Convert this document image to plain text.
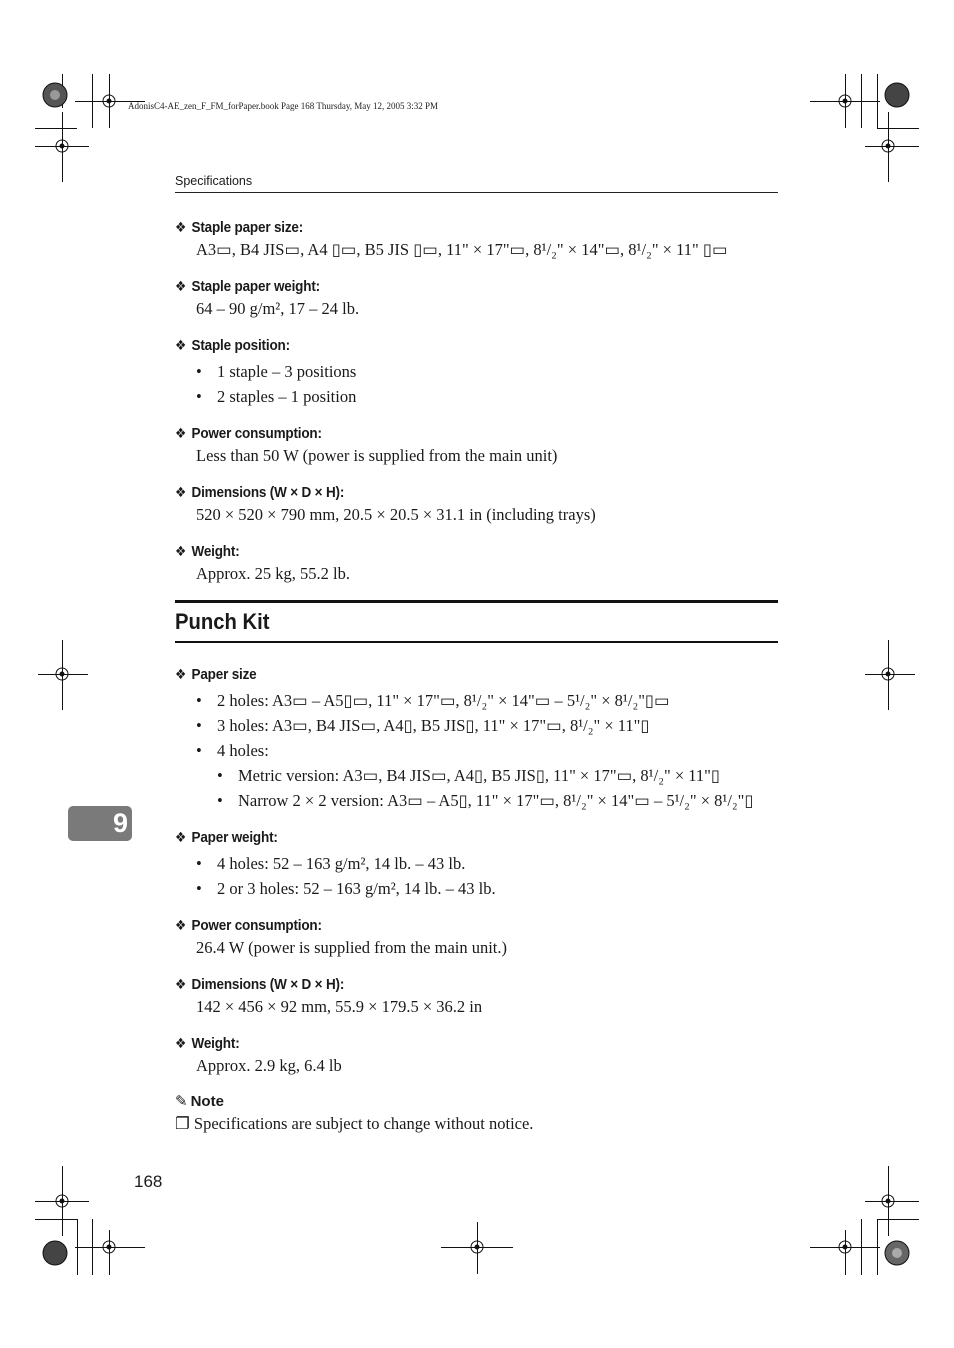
AdonisC4-AE_zen_F_FM_forPaper.book Page 168 Thursday, May 12, 2005 3:32 PM
Specifications
❖ Staple paper size:
A3▭, B4 JIS▭, A4 ▯▭, B5 JIS ▯▭, 11" × 17"▭, 8¹/₂" × 14"▭, 8¹/₂" × 11" ▯▭
❖ Staple paper weight:
64 – 90 g/m², 17 – 24 lb.
❖ Staple position:
• 1 staple – 3 positions
• 2 staples – 1 position
❖ Power consumption:
Less than 50 W (power is supplied from the main unit)
❖ Dimensions (W × D × H):
520 × 520 × 790 mm, 20.5 × 20.5 × 31.1 in (including trays)
❖ Weight:
Approx. 25 kg, 55.2 lb.
Punch Kit
❖ Paper size
• 2 holes: A3▭ – A5▯▭, 11" × 17"▭, 8¹/₂" × 14"▭ – 5¹/₂" × 8¹/₂"▯▭
• 3 holes: A3▭, B4 JIS▭, A4▯, B5 JIS▯, 11" × 17"▭, 8¹/₂" × 11"▯
• 4 holes:
• Metric version: A3▭, B4 JIS▭, A4▯, B5 JIS▯, 11" × 17"▭, 8¹/₂" × 11"▯
• Narrow 2 × 2 version: A3▭ – A5▯, 11" × 17"▭, 8¹/₂" × 14"▭ – 5¹/₂" × 8¹/₂"▯
❖ Paper weight:
• 4 holes: 52 – 163 g/m², 14 lb. – 43 lb.
• 2 or 3 holes: 52 – 163 g/m², 14 lb. – 43 lb.
❖ Power consumption:
26.4 W (power is supplied from the main unit.)
❖ Dimensions (W × D × H):
142 × 456 × 92 mm, 55.9 × 179.5 × 36.2 in
❖ Weight:
Approx. 2.9 kg, 6.4 lb
✎ Note
❐ Specifications are subject to change without notice.
9
168
